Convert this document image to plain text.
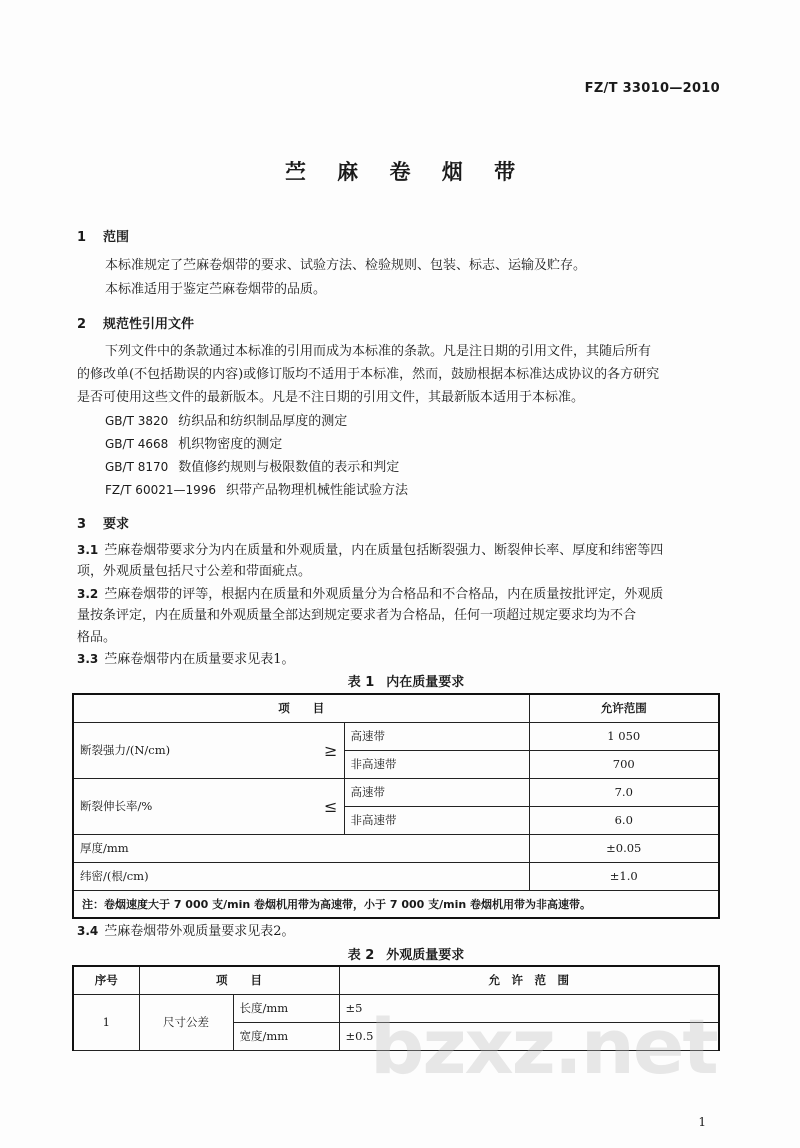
FZ/T 33010—2010
苎 麻 卷 烟 带
1 范围
本标准规定了苎麻卷烟带的要求、试验方法、检验规则、包装、标志、运输及贮存。
本标准适用于鉴定苎麻卷烟带的品质。
2 规范性引用文件
下列文件中的条款通过本标准的引用而成为本标准的条款。凡是注日期的引用文件，其随后所有
的修改单(不包括勘误的内容)或修订版均不适用于本标准，然而，鼓励根据本标准达成协议的各方研究
是否可使用这些文件的最新版本。凡是不注日期的引用文件，其最新版本适用于本标准。
GB/T 3820 纺织品和纺织制品厚度的测定
GB/T 4668 机织物密度的测定
GB/T 8170 数值修约规则与极限数值的表示和判定
FZ/T 60021—1996 织带产品物理机械性能试验方法
3 要求
3.1 苎麻卷烟带要求分为内在质量和外观质量，内在质量包括断裂强力、断裂伸长率、厚度和纬密等四
项，外观质量包括尺寸公差和带面疵点。
3.2 苎麻卷烟带的评等，根据内在质量和外观质量分为合格品和不合格品，内在质量按批评定，外观质
量按条评定，内在质量和外观质量全部达到规定要求者为合格品，任何一项超过规定要求均为不合
格品。
3.3 苎麻卷烟带内在质量要求见表1。
表 1 内在质量要求
项　　目			允许范围
断裂强力/(N/cm)	≥	高速带	1 050
		非高速带	700
断裂伸长率/%	≤	高速带	7.0
		非高速带	6.0
厚度/mm			±0.05
纬密/(根/cm)			±1.0
注：卷烟速度大于 7 000 支/min 卷烟机用带为高速带，小于 7 000 支/min 卷烟机用带为非高速带。			
3.4 苎麻卷烟带外观质量要求见表2。
表 2 外观质量要求
序号	项　　目		允　许　范　围
1	尺寸公差	长度/mm	±5
		宽度/mm	±0.5
bzxz.net
1
